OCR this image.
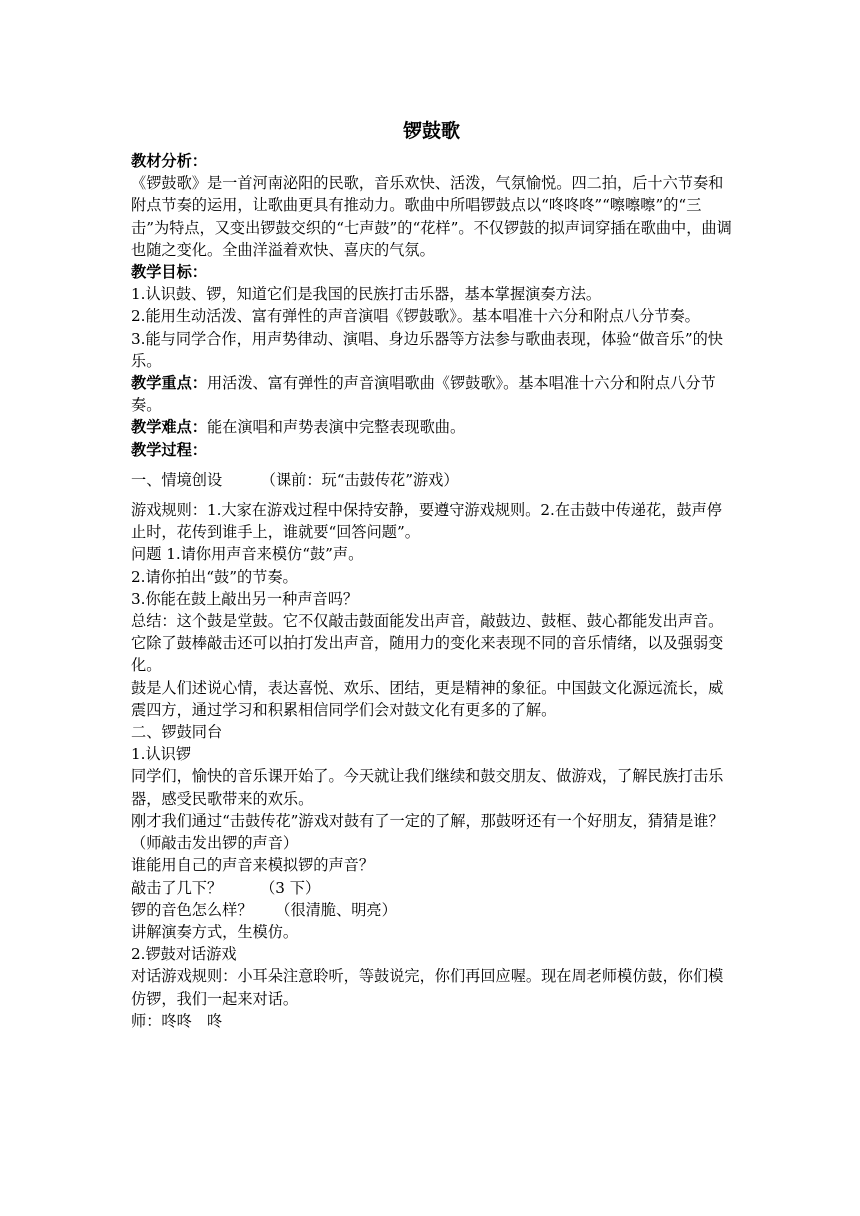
锣鼓歌

教材分析：

《锣鼓歌》是一首河南泌阳的民歌，音乐欢快、活泼，气氛愉悦。四二拍，后十六节奏和附点节奏的运用，让歌曲更具有推动力。歌曲中所唱锣鼓点以“咚咚咚”“嚓嚓嚓”的“三击”为特点，又变出锣鼓交织的“七声鼓”的“花样”。不仅锣鼓的拟声词穿插在歌曲中，曲调也随之变化。全曲洋溢着欢快、喜庆的气氛。

教学目标：

1.认识鼓、锣，知道它们是我国的民族打击乐器，基本掌握演奏方法。

2.能用生动活泼、富有弹性的声音演唱《锣鼓歌》。基本唱准十六分和附点八分节奏。

3.能与同学合作，用声势律动、演唱、身边乐器等方法参与歌曲表现，体验“做音乐”的快乐。

教学重点：用活泼、富有弹性的声音演唱歌曲《锣鼓歌》。基本唱准十六分和附点八分节奏。

教学难点：能在演唱和声势表演中完整表现歌曲。

教学过程：

一、情境创设	（课前：玩“击鼓传花”游戏）

游戏规则：1.大家在游戏过程中保持安静，要遵守游戏规则。2.在击鼓中传递花，鼓声停止时，花传到谁手上，谁就要“回答问题”。

问题 1.请你用声音来模仿“鼓”声。

2.请你拍出“鼓”的节奏。

3.你能在鼓上敲出另一种声音吗？

总结：这个鼓是堂鼓。它不仅敲击鼓面能发出声音，敲鼓边、鼓框、鼓心都能发出声音。它除了鼓棒敲击还可以拍打发出声音，随用力的变化来表现不同的音乐情绪，以及强弱变化。

鼓是人们述说心情，表达喜悦、欢乐、团结，更是精神的象征。中国鼓文化源远流长，威震四方，通过学习和积累相信同学们会对鼓文化有更多的了解。

二、锣鼓同台

1.认识锣

同学们，愉快的音乐课开始了。今天就让我们继续和鼓交朋友、做游戏，了解民族打击乐器，感受民歌带来的欢乐。

刚才我们通过“击鼓传花”游戏对鼓有了一定的了解，那鼓呀还有一个好朋友，猜猜是谁？　　（师敲击发出锣的声音）

谁能用自己的声音来模拟锣的声音？

敲击了几下？　　　（3 下）

锣的音色怎么样？　　（很清脆、明亮）

讲解演奏方式，生模仿。

2.锣鼓对话游戏

对话游戏规则：小耳朵注意聆听，等鼓说完，你们再回应喔。现在周老师模仿鼓，你们模仿锣，我们一起来对话。

师：咚咚　咚
